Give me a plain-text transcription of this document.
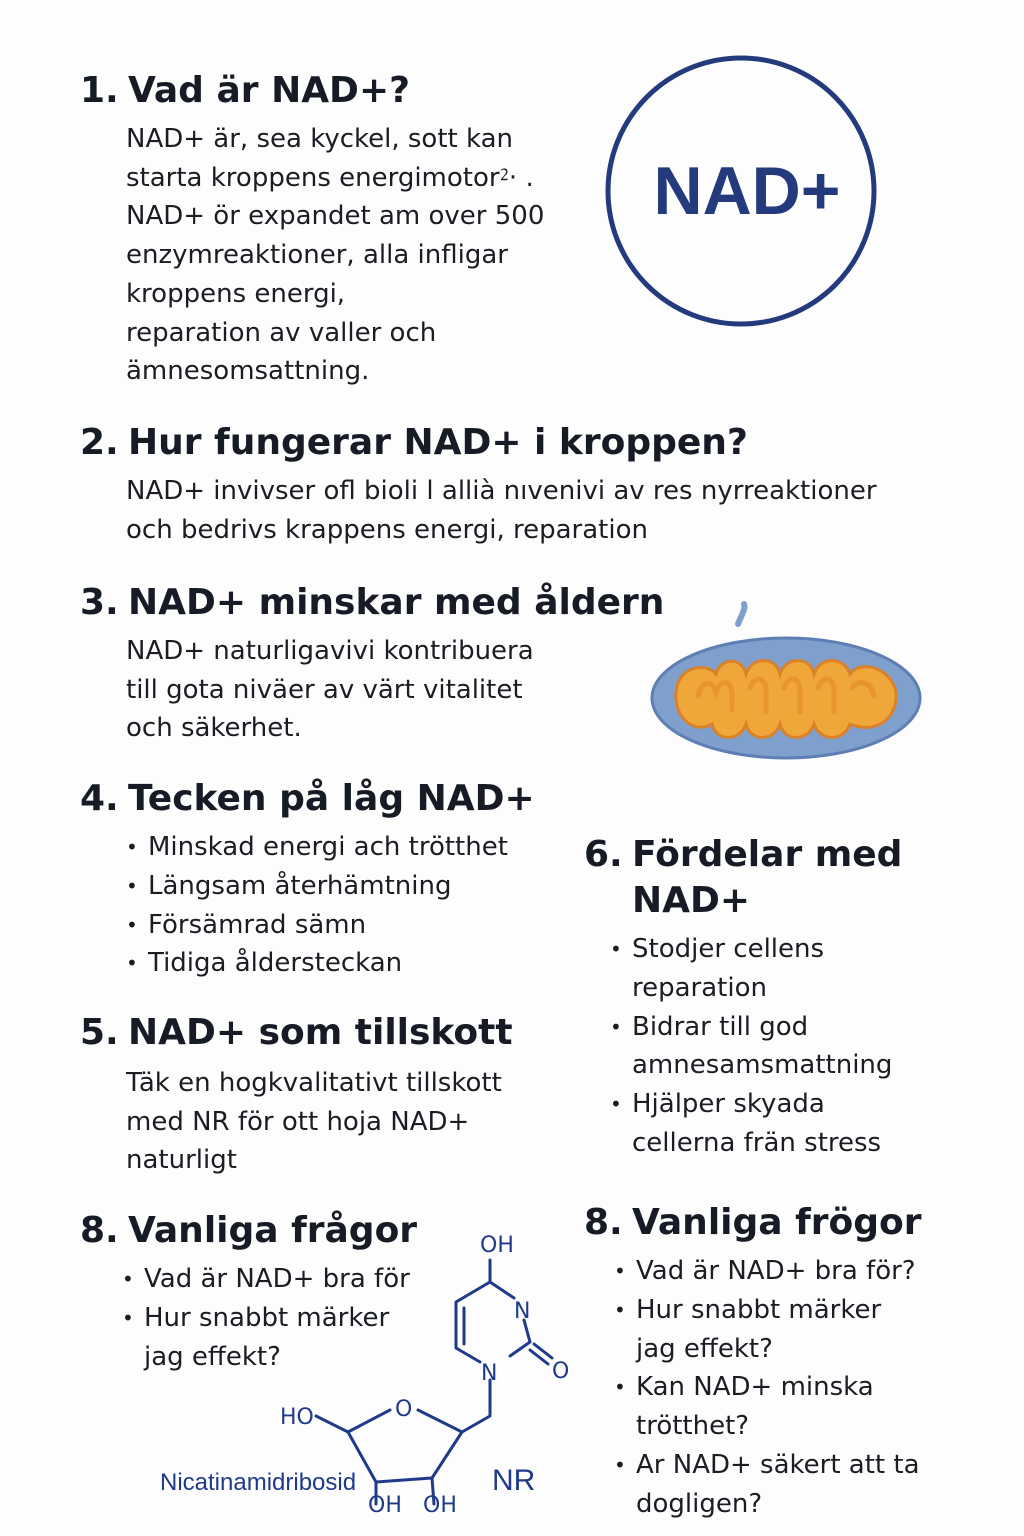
1. Vad är NAD+?

NAD+ är, sea kyckel, sott kan
starta kroppens energimotor⁲· .
NAD+ ör expandet am over 500
enzymreaktioner, alla infligar
kroppens energi,
reparation av valler och
ämnesomsattning.

NAD+
2. Hur fungerar NAD+ i kroppen?

NAD+ invivser ofl bioli l allià nıvenivi av res nyrreaktioner
och bedrivs krappens energi, reparation

3. NAD+ minskar med åldern

NAD+ naturligavivi kontribuera
till gota niväer av värt vitalitet
och säkerhet.

4. Tecken på låg NAD+
• Minskad energi ach trötthet
• Längsam återhämtning
• Försämrad sämn
• Tidiga åldersteckan
5. NAD+ som tillskott

Täk en hogkvalitativt tillskott
med NR för ott hoja NAD+
naturligt

6. Fördelar med
NAD+
• Stodjer cellens
reparation
• Bidrar till god
amnesamsmattning
• Hjälper skyada
cellerna frän stress
8. Vanliga frågor
• Vad är NAD+ bra för
• Hur snabbt märker
jag effekt?
OH
N
N O
O
HO
OH OH
Nicatinamidribosid	NR
8. Vanliga frögor
• Vad är NAD+ bra för?
• Hur snabbt märker
jag effekt?
• Kan NAD+ minska
trötthet?
• Ar NAD+ säkert att ta
dogligen?
